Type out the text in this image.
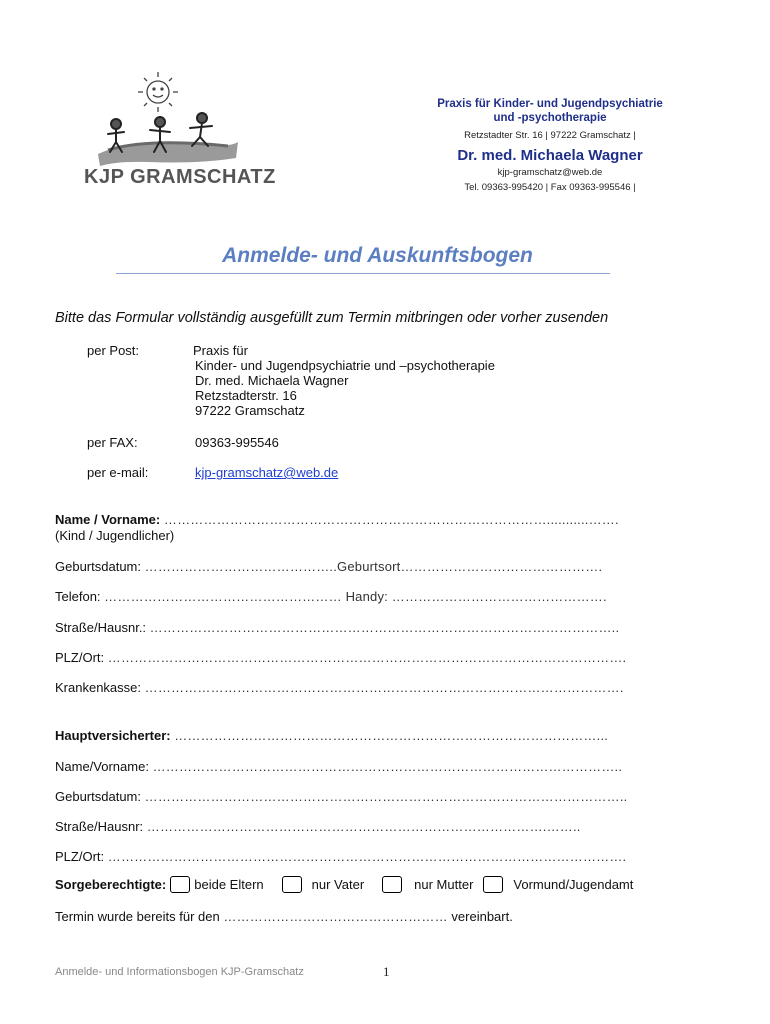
KJP GRAMSCHATZ
Praxis für Kinder- und Jugendpsychiatrie
und -psychotherapie
Retzstadter Str. 16 | 97222 Gramschatz |
Dr. med. Michaela Wagner
kjp-gramschatz@web.de
Tel. 09363-995420 | Fax 09363-995546 |
Anmelde- und Auskunftsbogen
Bitte das Formular vollständig ausgefüllt zum Termin mitbringen oder vorher zusenden
per Post:	Praxis für
Kinder- und Jugendpsychiatrie und –psychotherapie
Dr. med. Michaela Wagner
Retzstadterstr. 16
97222 Gramschatz
per FAX:	09363-995546
per e-mail:	kjp-gramschatz@web.de
Name / Vorname: ……………………………………………………………………………...........…….
(Kind / Jugendlicher)
Geburtsdatum: ……………………………………..Geburtsort……………………………………….
Telefon: ……………………………………………… Handy: ………………………………………….
Straße/Hausnr.: ……………………………………………………………………………………………..
PLZ/Ort: ……………………………………………………………………………………………………….
Krankenkasse: ……………………………………………………………………………………………….
Hauptversicherter: ……………………………………………………………………………………...
Name/Vorname: ……………………………………………………………………………………………..
Geburtsdatum: ………………………………………………………………………………………………..
Straße/Hausnr: ……………………………………………………………………………….……..
PLZ/Ort: ……………………………………………………………………………………………………….
Sorgeberechtigte: beide Eltern	nur Vater	nur Mutter	Vormund/Jugendamt
Termin wurde bereits für den …………………………………………… vereinbart.
Anmelde- und Informationsbogen KJP-Gramschatz	1
